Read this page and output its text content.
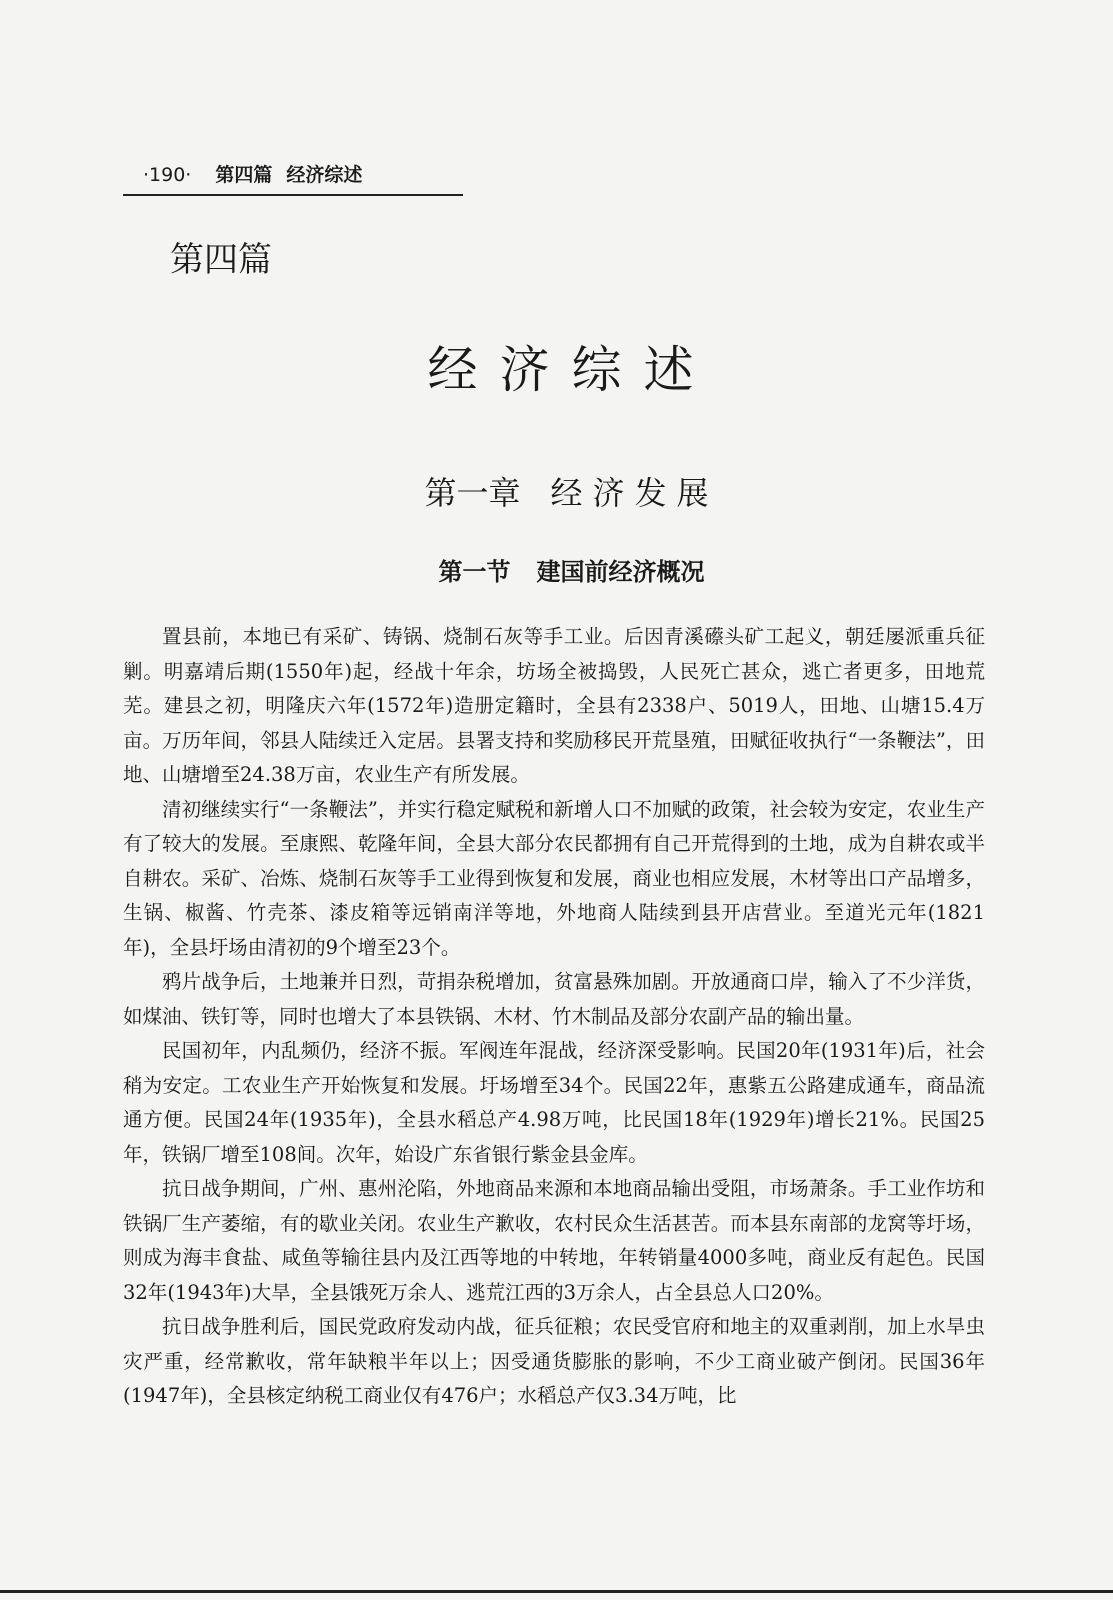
·190· 第四篇 经济综述
第四篇
经济综述
第一章 经济发展
第一节 建国前经济概况

置县前，本地已有采矿、铸锅、烧制石灰等手工业。后因青溪礤头矿工起义，朝廷屡派重兵征剿。明嘉靖后期(1550年)起，经战十年余，坊场全被捣毁，人民死亡甚众，逃亡者更多，田地荒芜。建县之初，明隆庆六年(1572年)造册定籍时，全县有2338户、5019人，田地、山塘15.4万亩。万历年间，邻县人陆续迁入定居。县署支持和奖励移民开荒垦殖，田赋征收执行“一条鞭法”，田地、山塘增至24.38万亩，农业生产有所发展。

清初继续实行“一条鞭法”，并实行稳定赋税和新增人口不加赋的政策，社会较为安定，农业生产有了较大的发展。至康熙、乾隆年间，全县大部分农民都拥有自己开荒得到的土地，成为自耕农或半自耕农。采矿、冶炼、烧制石灰等手工业得到恢复和发展，商业也相应发展，木材等出口产品增多，生锅、椒酱、竹壳茶、漆皮箱等远销南洋等地，外地商人陆续到县开店营业。至道光元年(1821年)，全县圩场由清初的9个增至23个。

鸦片战争后，土地兼并日烈，苛捐杂税增加，贫富悬殊加剧。开放通商口岸，输入了不少洋货，如煤油、铁钉等，同时也增大了本县铁锅、木材、竹木制品及部分农副产品的输出量。

民国初年，内乱频仍，经济不振。军阀连年混战，经济深受影响。民国20年(1931年)后，社会稍为安定。工农业生产开始恢复和发展。圩场增至34个。民国22年，惠紫五公路建成通车，商品流通方便。民国24年(1935年)，全县水稻总产4.98万吨，比民国18年(1929年)增长21%。民国25年，铁锅厂增至108间。次年，始设广东省银行紫金县金库。

抗日战争期间，广州、惠州沦陷，外地商品来源和本地商品输出受阻，市场萧条。手工业作坊和铁锅厂生产萎缩，有的歇业关闭。农业生产歉收，农村民众生活甚苦。而本县东南部的龙窝等圩场，则成为海丰食盐、咸鱼等输往县内及江西等地的中转地，年转销量4000多吨，商业反有起色。民国32年(1943年)大旱，全县饿死万余人、逃荒江西的3万余人，占全县总人口20%。

抗日战争胜利后，国民党政府发动内战，征兵征粮；农民受官府和地主的双重剥削，加上水旱虫灾严重，经常歉收，常年缺粮半年以上；因受通货膨胀的影响，不少工商业破产倒闭。民国36年(1947年)，全县核定纳税工商业仅有476户；水稻总产仅3.34万吨，比
